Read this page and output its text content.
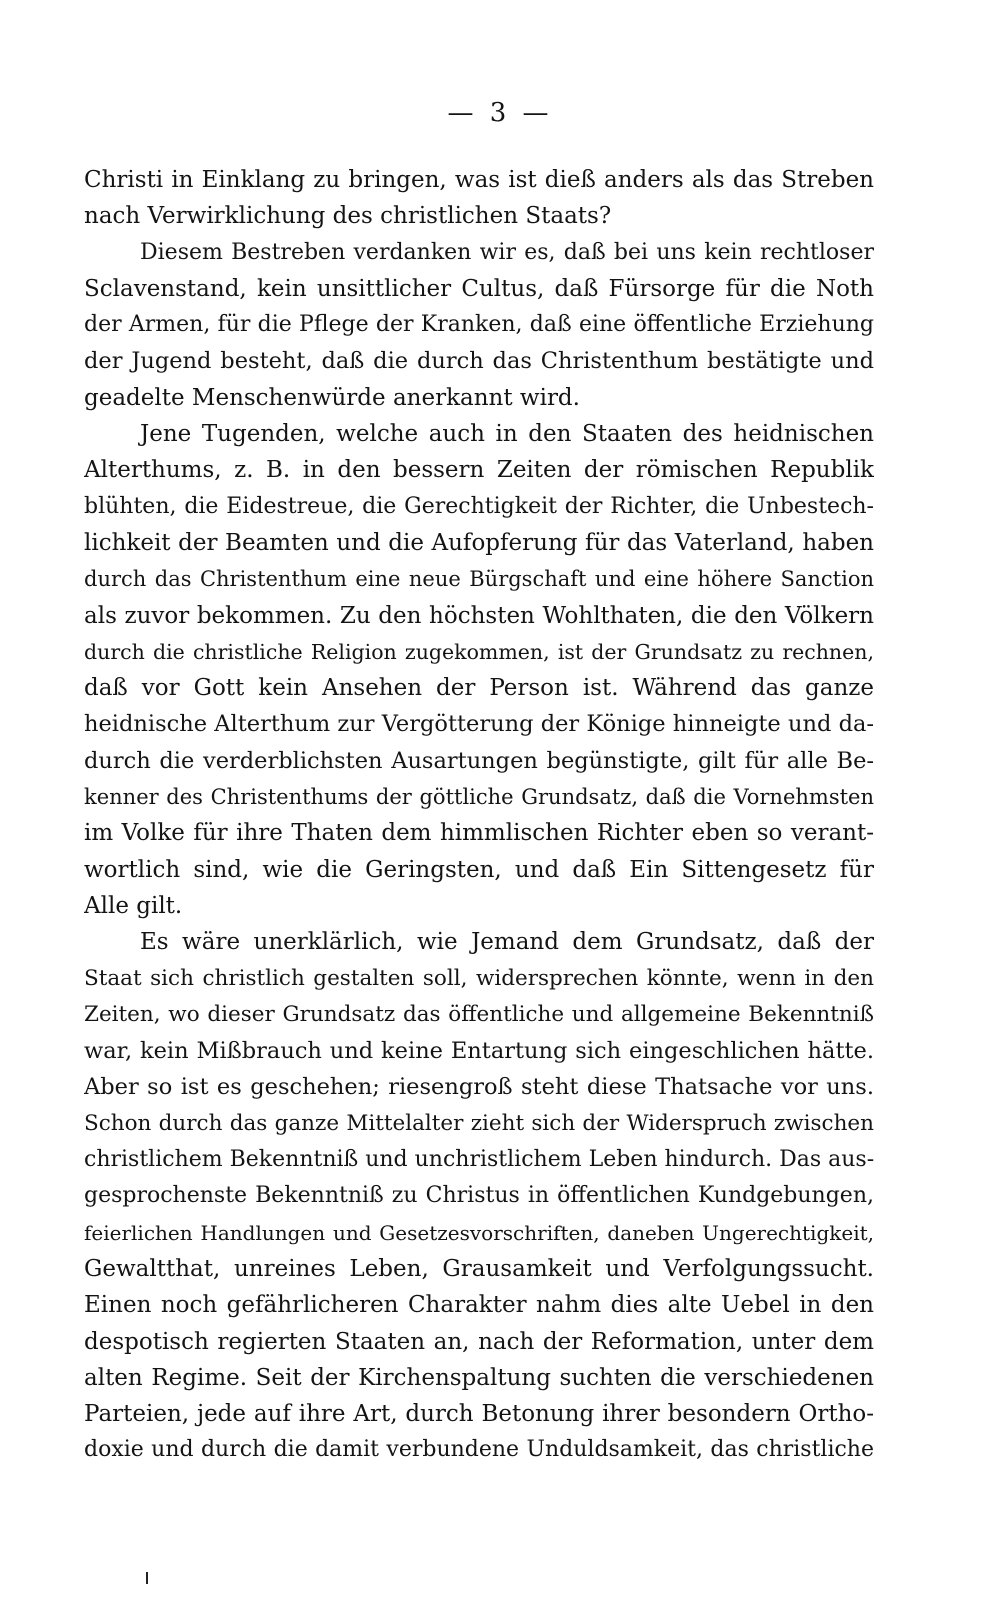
— 3 —
Christi in Einklang zu bringen, was ist dieß anders als das Streben
nach Verwirklichung des christlichen Staats?
Diesem Bestreben verdanken wir es, daß bei uns kein rechtloser
Sclavenstand, kein unsittlicher Cultus, daß Fürsorge für die Noth
der Armen, für die Pflege der Kranken, daß eine öffentliche Erziehung
der Jugend besteht, daß die durch das Christenthum bestätigte und
geadelte Menschenwürde anerkannt wird.
Jene Tugenden, welche auch in den Staaten des heidnischen
Alterthums, z. B. in den bessern Zeiten der römischen Republik
blühten, die Eidestreue, die Gerechtigkeit der Richter, die Unbestech-
lichkeit der Beamten und die Aufopferung für das Vaterland, haben
durch das Christenthum eine neue Bürgschaft und eine höhere Sanction
als zuvor bekommen. Zu den höchsten Wohlthaten, die den Völkern
durch die christliche Religion zugekommen, ist der Grundsatz zu rechnen,
daß vor Gott kein Ansehen der Person ist. Während das ganze
heidnische Alterthum zur Vergötterung der Könige hinneigte und da-
durch die verderblichsten Ausartungen begünstigte, gilt für alle Be-
kenner des Christenthums der göttliche Grundsatz, daß die Vornehmsten
im Volke für ihre Thaten dem himmlischen Richter eben so verant-
wortlich sind, wie die Geringsten, und daß Ein Sittengesetz für
Alle gilt.
Es wäre unerklärlich, wie Jemand dem Grundsatz, daß der
Staat sich christlich gestalten soll, widersprechen könnte, wenn in den
Zeiten, wo dieser Grundsatz das öffentliche und allgemeine Bekenntniß
war, kein Mißbrauch und keine Entartung sich eingeschlichen hätte.
Aber so ist es geschehen; riesengroß steht diese Thatsache vor uns.
Schon durch das ganze Mittelalter zieht sich der Widerspruch zwischen
christlichem Bekenntniß und unchristlichem Leben hindurch. Das aus-
gesprochenste Bekenntniß zu Christus in öffentlichen Kundgebungen,
feierlichen Handlungen und Gesetzesvorschriften, daneben Ungerechtigkeit,
Gewaltthat, unreines Leben, Grausamkeit und Verfolgungssucht.
Einen noch gefährlicheren Charakter nahm dies alte Uebel in den
despotisch regierten Staaten an, nach der Reformation, unter dem
alten Regime. Seit der Kirchenspaltung suchten die verschiedenen
Parteien, jede auf ihre Art, durch Betonung ihrer besondern Ortho-
doxie und durch die damit verbundene Unduldsamkeit, das christliche
